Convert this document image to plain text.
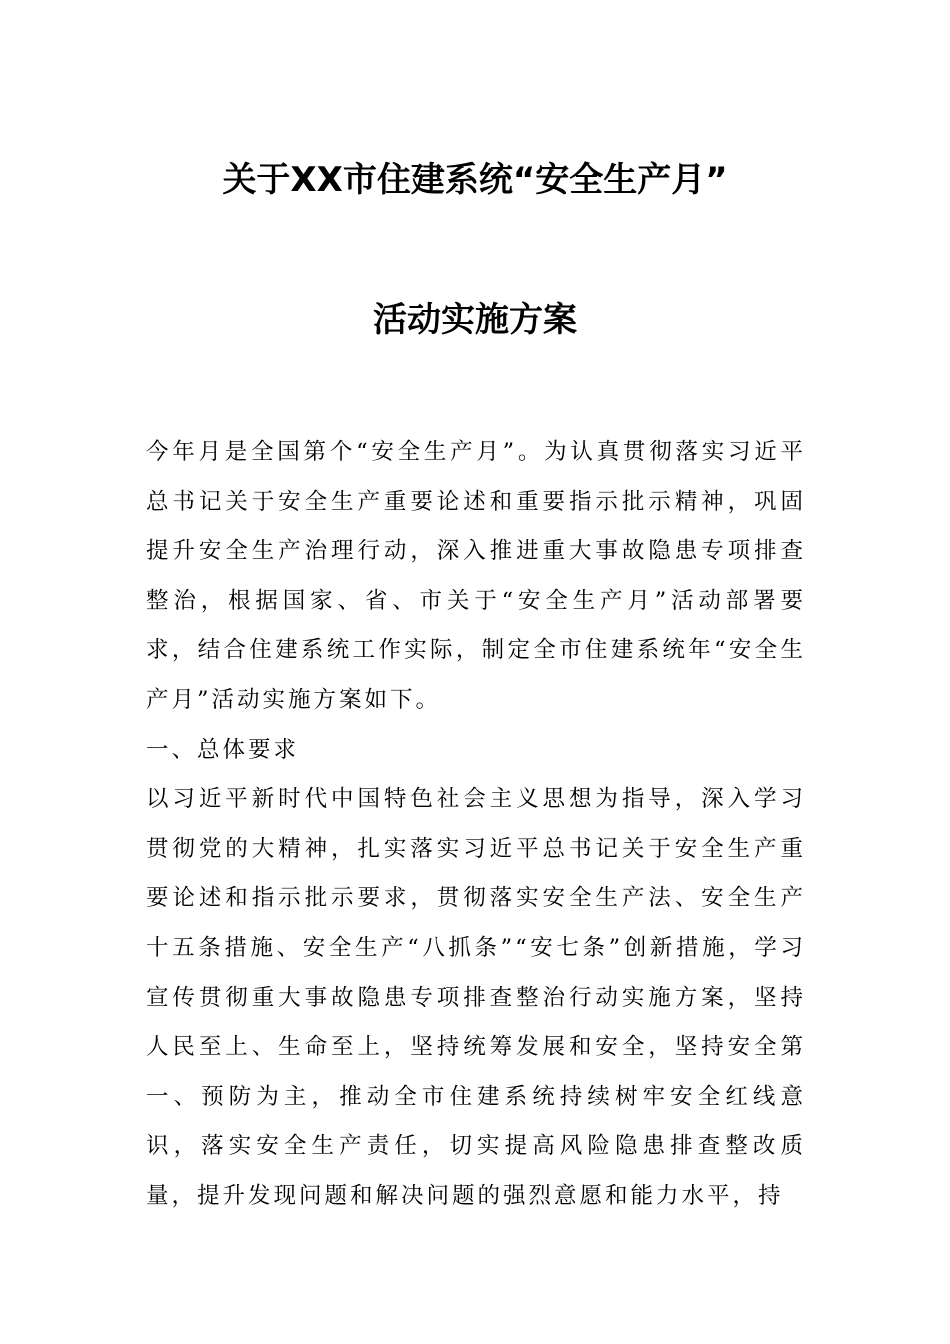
关于XX市住建系统“安全生产月”
活动实施方案

今年月是全国第个“安全生产月”。为认真贯彻落实习近平总书记关于安全生产重要论述和重要指示批示精神，巩固提升安全生产治理行动，深入推进重大事故隐患专项排查整治，根据国家、省、市关于“安全生产月”活动部署要求，结合住建系统工作实际，制定全市住建系统年“安全生产月”活动实施方案如下。

一、总体要求

以习近平新时代中国特色社会主义思想为指导，深入学习贯彻党的大精神，扎实落实习近平总书记关于安全生产重要论述和指示批示要求，贯彻落实安全生产法、安全生产十五条措施、安全生产“八抓条”“安七条”创新措施，学习宣传贯彻重大事故隐患专项排查整治行动实施方案，坚持人民至上、生命至上，坚持统筹发展和安全，坚持安全第一、预防为主，推动全市住建系统持续树牢安全红线意识，落实安全生产责任，切实提高风险隐患排查整改质量，提升发现问题和解决问题的强烈意愿和能力水平，持
